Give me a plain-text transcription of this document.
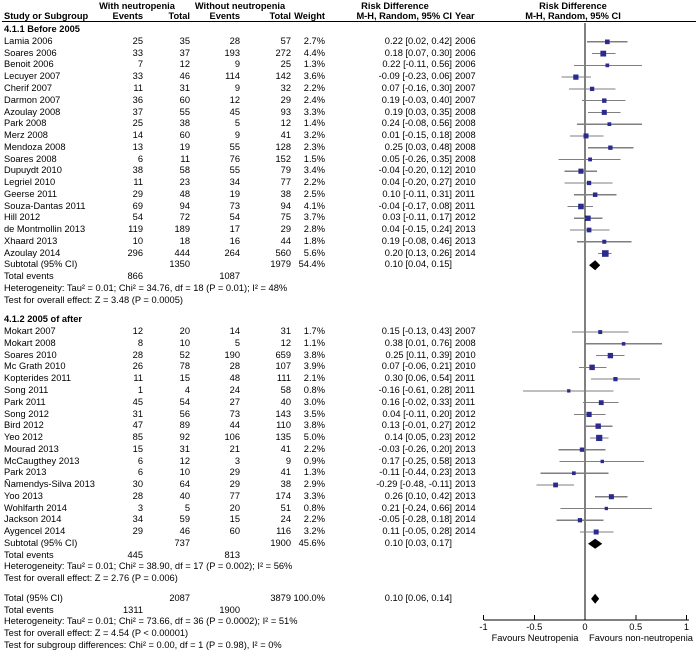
With neutropenia	Without neutropenia	Risk Difference	Risk Difference
Study or Subgroup	Events	Total	Events	Total Weight	M-H, Random, 95% CI Year	M-H, Random, 95% CI
4.1.1 Before 2005
Lamia 2006	25	35	28	57	2.7%	0.22 [0.02, 0.42] 2006
Soares 2006	33	37	193	272	4.4%	0.18 [0.07, 0.30] 2006
Benoit 2006	7	12	9	25	1.3%	0.22 [-0.11, 0.56] 2006
Lecuyer 2007	33	46	114	142	3.6%	-0.09 [-0.23, 0.06] 2007
Cherif 2007	11	31	9	32	2.2%	0.07 [-0.16, 0.30] 2007
Darmon 2007	36	60	12	29	2.4%	0.19 [-0.03, 0.40] 2007
Azoulay 2008	37	55	45	93	3.3%	0.19 [0.03, 0.35] 2008
Park 2008	25	38	5	12	1.4%	0.24 [-0.08, 0.56] 2008
Merz 2008	14	60	9	41	3.2%	0.01 [-0.15, 0.18] 2008
Mendoza 2008	13	19	55	128	2.3%	0.25 [0.03, 0.48] 2008
Soares 2008	6	11	76	152	1.5%	0.05 [-0.26, 0.35] 2008
Dupuydt 2010	38	58	55	79	3.4%	-0.04 [-0.20, 0.12] 2010
Legriel 2010	11	23	34	77	2.2%	0.04 [-0.20, 0.27] 2010
Geerse 2011	29	48	19	38	2.5%	0.10 [-0.11, 0.31] 2011
Souza-Dantas 2011	69	94	73	94	4.1%	-0.04 [-0.17, 0.08] 2011
Hill 2012	54	72	54	75	3.7%	0.03 [-0.11, 0.17] 2012
de Montmollin 2013	119	189	17	29	2.8%	0.04 [-0.15, 0.24] 2013
Xhaard 2013	10	18	16	44	1.8%	0.19 [-0.08, 0.46] 2013
Azoulay 2014	296	444	264	560	5.6%	0.20 [0.13, 0.26] 2014
Subtotal (95% CI)	1350	1979 54.4%	0.10 [0.04, 0.15]
Total events	866	1087
Heterogeneity: Tau² = 0.01; Chi² = 34.76, df = 18 (P = 0.01); I² = 48%
Test for overall effect: Z = 3.48 (P = 0.0005)
4.1.2 2005 of after
Mokart 2007	12	20	14	31	1.7%	0.15 [-0.13, 0.43] 2007
Mokart 2008	8	10	5	12	1.1%	0.38 [0.01, 0.76] 2008
Soares 2010	28	52	190	659	3.8%	0.25 [0.11, 0.39] 2010
Mc Grath 2010	26	78	28	107	3.9%	0.07 [-0.06, 0.21] 2010
Kopterides 2011	11	15	48	111	2.1%	0.30 [0.06, 0.54] 2011
Song 2011	1	4	24	58	0.8%	-0.16 [-0.61, 0.28] 2011
Park 2011	45	54	27	40	3.0%	0.16 [-0.02, 0.33] 2011
Song 2012	31	56	73	143	3.5%	0.04 [-0.11, 0.20] 2012
Bird 2012	47	89	44	110	3.8%	0.13 [-0.01, 0.27] 2012
Yeo 2012	85	92	106	135	5.0%	0.14 [0.05, 0.23] 2012
Mourad 2013	15	31	21	41	2.2%	-0.03 [-0.26, 0.20] 2013
McCaugthey 2013	6	12	3	9	0.9%	0.17 [-0.25, 0.58] 2013
Park 2013	6	10	29	41	1.3%	-0.11 [-0.44, 0.23] 2013
Ñamendys-Silva 2013	30	64	29	38	2.9%	-0.29 [-0.48, -0.11] 2013
Yoo 2013	28	40	77	174	3.3%	0.26 [0.10, 0.42] 2013
Wohlfarth 2014	3	5	20	51	0.8%	0.21 [-0.24, 0.66] 2014
Jackson 2014	34	59	15	24	2.2%	-0.05 [-0.28, 0.18] 2014
Aygencel 2014	29	46	60	116	3.2%	0.11 [-0.05, 0.28] 2014
Subtotal (95% CI)	737	1900 45.6%	0.10 [0.03, 0.17]
Total events	445	813
Heterogeneity: Tau² = 0.01; Chi² = 38.90, df = 17 (P = 0.002); I² = 56%
Test for overall effect: Z = 2.76 (P = 0.006)
Total (95% CI)	2087	3879 100.0%	0.10 [0.06, 0.14]
Total events	1311	1900
Heterogeneity: Tau² = 0.01; Chi² = 73.66, df = 36 (P = 0.0002); I² = 51%
Test for overall effect: Z = 4.54 (P < 0.00001)
Test for subgroup differences: Chi² = 0.00, df = 1 (P = 0.98), I² = 0%
-1	-0.5	0	0.5	1
Favours Neutropenia	Favours non-neutropenia
